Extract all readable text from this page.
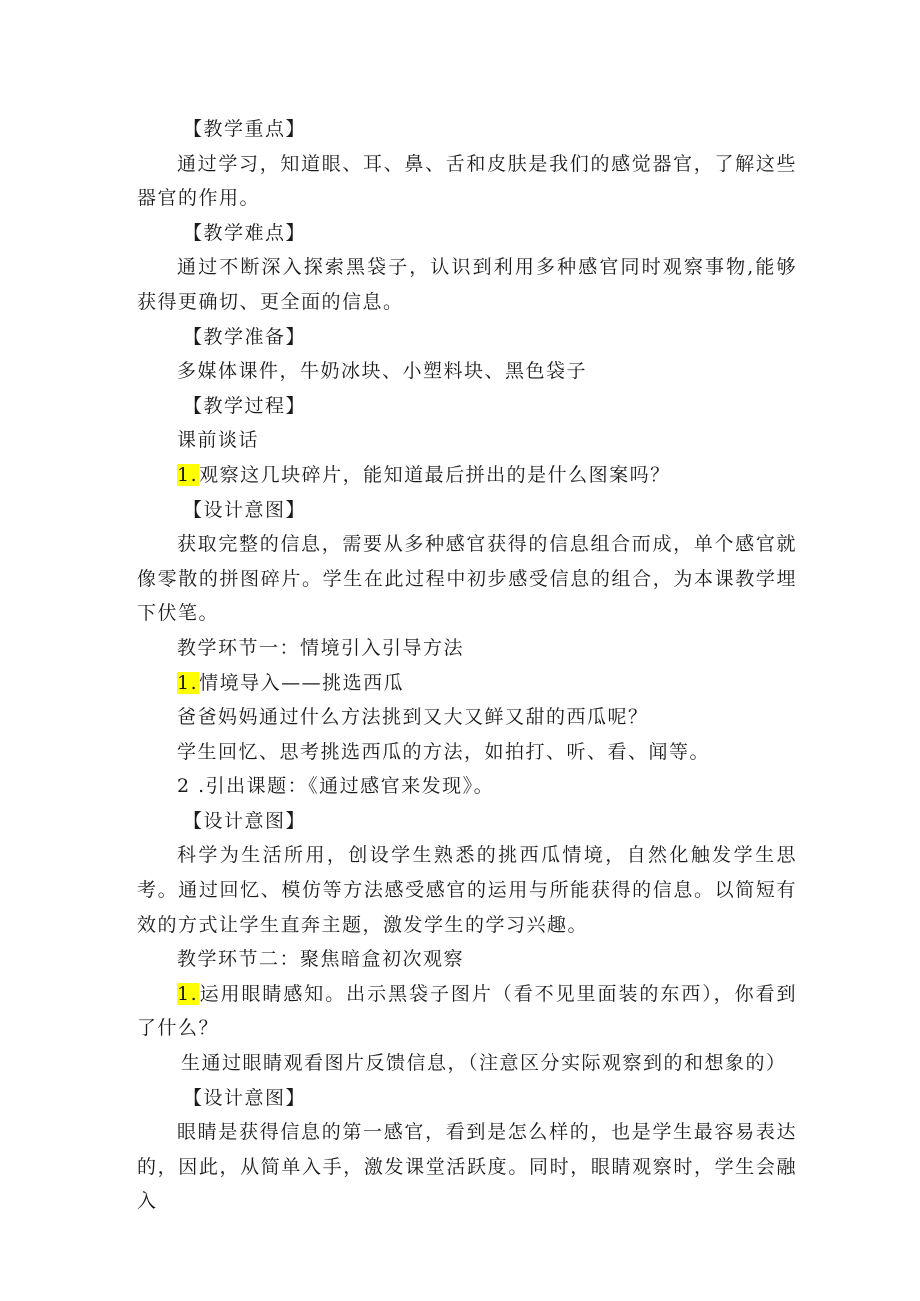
【教学重点】

通过学习，知道眼、耳、鼻、舌和皮肤是我们的感觉器官，了解这些器官的作用。

【教学难点】

通过不断深入探索黑袋子，认识到利用多种感官同时观察事物,能够获得更确切、更全面的信息。

【教学准备】

多媒体课件，牛奶冰块、小塑料块、黑色袋子

【教学过程】

课前谈话

1.观察这几块碎片，能知道最后拼出的是什么图案吗？

【设计意图】

获取完整的信息，需要从多种感官获得的信息组合而成，单个感官就像零散的拼图碎片。学生在此过程中初步感受信息的组合，为本课教学埋下伏笔。

教学环节一：情境引入引导方法

1.情境导入——挑选西瓜

爸爸妈妈通过什么方法挑到又大又鲜又甜的西瓜呢？

学生回忆、思考挑选西瓜的方法，如拍打、听、看、闻等。

2 .引出课题：《通过感官来发现》。

【设计意图】

科学为生活所用，创设学生熟悉的挑西瓜情境，自然化触发学生思考。通过回忆、模仿等方法感受感官的运用与所能获得的信息。以简短有效的方式让学生直奔主题，激发学生的学习兴趣。

教学环节二：聚焦暗盒初次观察

1.运用眼睛感知。出示黑袋子图片（看不见里面装的东西），你看到了什么？

生通过眼睛观看图片反馈信息，（注意区分实际观察到的和想象的）

【设计意图】

眼睛是获得信息的第一感官，看到是怎么样的，也是学生最容易表达的，因此，从简单入手，激发课堂活跃度。同时，眼睛观察时，学生会融入
